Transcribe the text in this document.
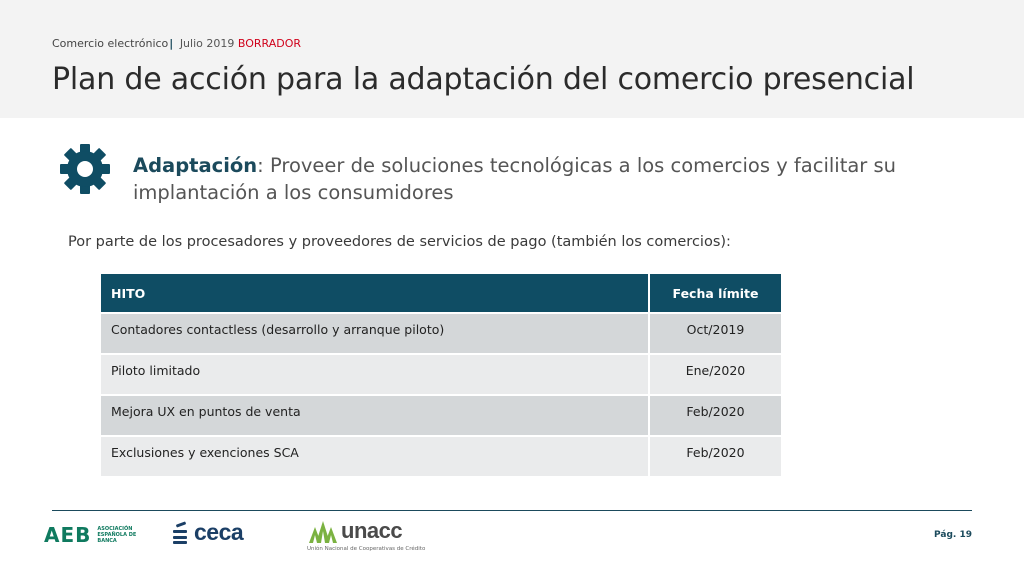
Comercio electrónico| Julio 2019 BORRADOR
Plan de acción para la adaptación del comercio presencial
Adaptación: Proveer de soluciones tecnológicas a los comercios y facilitar su implantación a los consumidores
Por parte de los procesadores y proveedores de servicios de pago (también los comercios):
HITO	Fecha límite
Contadores contactless (desarrollo y arranque piloto)	Oct/2019
Piloto limitado	Ene/2020
Mejora UX en puntos de venta	Feb/2020
Exclusiones y exenciones SCA	Feb/2020
AEB ASOCIACIÓN ESPAÑOLA DE BANCA	ceca	unacc
Unión Nacional de Cooperativas de Crédito
Pág. 19
